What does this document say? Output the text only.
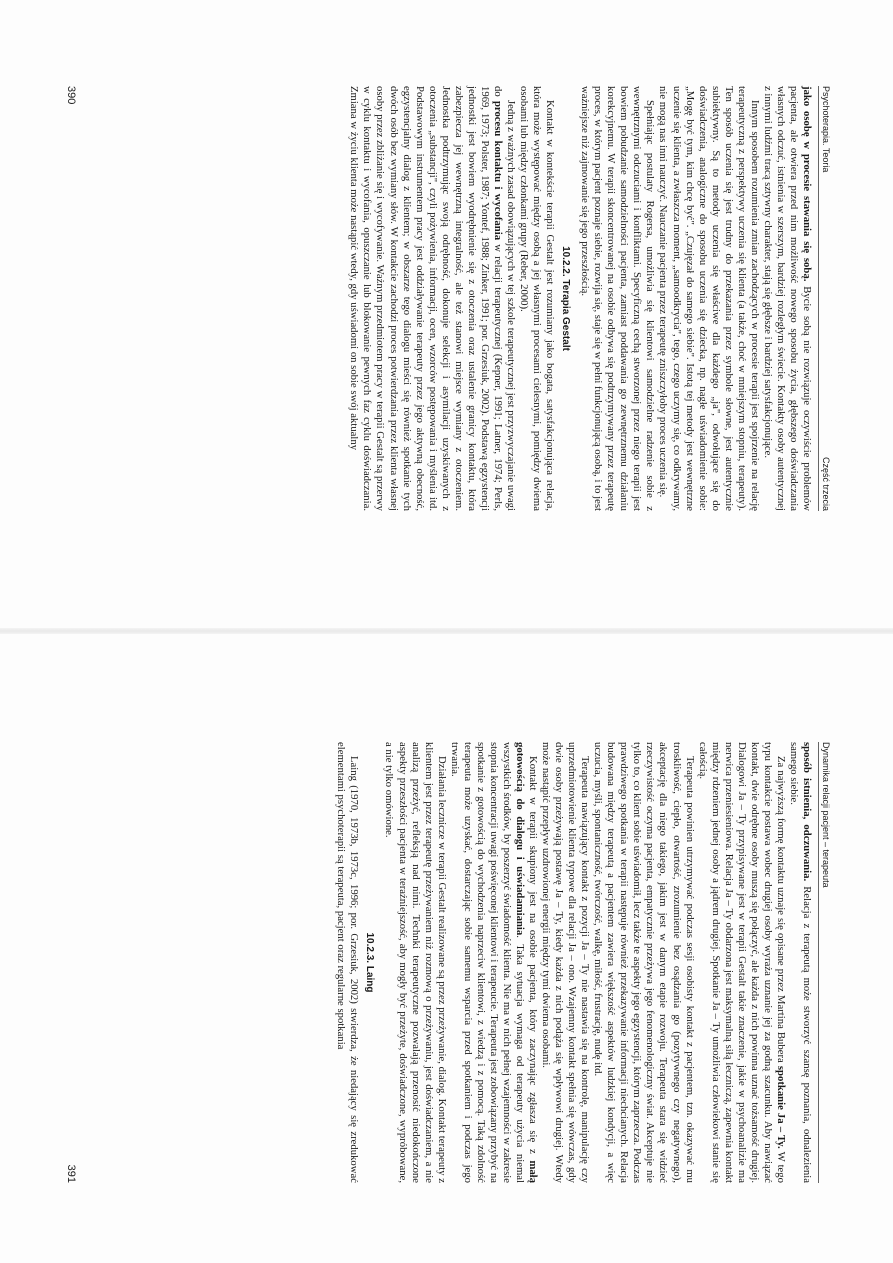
Psychoterapia. Teoria
Część trzecia

jako osobę w procesie stawania się sobą. Bycie sobą nie rozwiązuje oczywiście problemów pacjenta, ale otwiera przed nim możliwość nowego sposobu życia, głębszego doświadczania własnych odczuć, istnienia w szerszym, bardziej rozległym świecie. Kontakty osoby autentycznej z innymi ludźmi tracą sztywny charakter, stają się głębsze i bardziej satysfakcjonujące.

Innym sposobem rozumienia zmian zachodzących w procesie terapii jest spojrzenie na relację terapeutyczną z perspektywy uczenia się klienta (a także, choć w mniejszym stopniu, terapeuty). Ten sposób uczenia się jest trudny do przekazania przez symbole słowne, jest autentycznie subiektywny. Są to metody uczenia się właściwe dla każdego „ja", odwołujące się do doświadczenia, analogiczne do sposobu uczenia się dziecka, np. nagłe uświadomienie sobie: „Mogę być tym, kim chcę być". „Czujęzał do samego siebie". Istotą tej metody jest wewnętrzne uczenie się klienta, a zwłaszcza moment, „samoodkrycia", tego, czego uczymy się, co odkrywamy, nie mogą nas inni nauczyć. Nauczanie pacjenta przez terapeutę zniszczyłoby proces uczenia się.

Spełniając postulaty Rogersa, umożliwia się klientowi samodzielne radzenie sobie z wewnętrznymi odczuciami i konfliktami. Specyficzną cechą stworzonej przez niego terapii jest bowiem pobudzanie samodzielności pacjenta, zamiast poddawania go zewnętrznemu działaniu korekcyjnemu. W terapii skoncentrowanej na osobie odbywa się podtrzymywany przez terapeutę proces, w którym pacjent poznaje siebie, rozwija się, staje się w pełni funkcjonującą osobą, i to jest ważniejsze niż zajmowanie się jego przeszłością.

10.2.2. Terapia Gestalt

Kontakt w kontekście terapii Gestalt jest rozumiany jako bogata, satysfakcjonująca relacja, która może występować między osobą a jej własnymi procesami cielesnymi, pomiędzy dwiema osobami lub między członkami grupy (Reber, 2000).

Jedną z ważnych zasad obowiązujących w tej szkole terapeutycznej jest przyzwyczajanie uwagi do procesu kontaktu i wycofania w relacji terapeutycznej (Kepner, 1991; Latner, 1974; Perls, 1969, 1973; Polster, 1987; Yontef, 1988; Zinker, 1991; por. Grzesiuk, 2002). Podstawą egzystencji jednostki jest bowiem wyodrębnienie się z otoczenia oraz ustalenie granicy kontaktu, która zabezpiecza jej wewnętrzną integralność, ale też stanowi miejsce wymiany z otoczeniem. Jednostka podtrzymując swoją odrębność, dokonuje selekcji i asymilacji uzyskiwanych z otoczenia „substancji", czyli pożywienia, informacji, ocen, wzorców postępowania i myślenia itd. Podstawowym instrumentem pracy jest oddziaływanie terapeuty przez jego aktywną obecność, egzystencjalny dialog z klientem; w obszarze tego dialogu mieści się również spotkanie tych dwóch osób bez wymiany słów. W kontakcie zachodzi proces potwierdzania przez klienta własnej osoby przez zbliżanie się i wycofywanie. Ważnym przedmiotem pracy w terapii Gestalt są przerwy w cyklu kontaktu i wycofania, opuszczanie lub blokowanie pewnych faz cyklu doświadczania. Zmiana w życiu klienta może nastąpić wtedy, gdy uświadomi on sobie swój aktualny

390
Dynamika relacji pacjent – terapeuta

sposób istnienia, odczuwania. Relacja z terapeutą może stworzyć szansę poznania, odnalezienia samego siebie.

Za najwyższą formę kontaktu uznaje się opisane przez Martina Bubera spotkanie Ja – Ty. W tego typu kontakcie postawa wobec drugiej osoby wyraża uznanie jej za godną szacunku. Aby nawiązać kontakt, dwie odrębne osoby muszą się połączyć, ale każda z nich powinna uznać tożsamość drugiej. Dialogowi Ja – Ty przypisywane jest w terapii Gestalt takie znaczenie, jakie w psychoanalizie ma nerwica przeniesieniowa. Relacja Ja – Ty obdarzona jest maksymalną siłą leczniczą, zapewnia kontakt między rdzeniem jednej osoby a jądrem drugiej. Spotkanie Ja – Ty umożliwia człowiekowi stanie się całością.

Terapeuta powinien utrzymywać podczas sesji osobisty kontakt z pacjentem, tzn. okazywać mu troskliwość, ciepło, otwartość, zrozumienie bez osądzania go (pozytywnego czy negatywnego), akceptację dla niego takiego, jakim jest w danym etapie rozwoju. Terapeuta stara się widzieć rzeczywistość oczyma pacjenta, empatycznie przeżywa jego fenomenologiczny świat. Akceptuje nie tylko to, co klient sobie uświadomił, lecz także te aspekty jego egzystencji, którym zaprzecza. Podczas prawdziwego spotkania w terapii następuje również przekazywanie informacji niechcianych. Relacja budowana między terapeutą a pacjentem zawiera większość aspektów ludzkiej kondycji, a więc uczucia, myśli, spontaniczność, twórczość, walkę, miłość, frustrację, nudę itd.

Terapeuta nawiązujący kontakt z pozycji Ja – Ty nie nastawia się na kontrolę, manipulację czy uprzedmiotowienie klienta typowe dla relacji Ja – ono. Wzajemny kontakt spełnia się wówczas, gdy dwie osoby przeżywają postawę Ja – Ty, kiedy każda z nich podąża się wpływowi drugiej. Wtedy może nastąpić przepływ uzdrowionej energii między tymi dwiema osobami.

Kontakt w terapii skupiony jest na osobie pacjenta, który zaczynając zgłasza się z małą gotowością do dialogu i uświadamiania. Taka sytuacja wymaga od terapeuty użycia niemal wszystkich środków, by poszerzyć świadomość klienta. Nie ma w nich pełnej wzajemności w zakresie stopnia koncentracji uwagi poświęconej klientowi i terapeucie. Terapeuta jest zobowiązany przybyć na spotkanie z gotowością do wychodzenia naprzeciw klientowi, z wiedzą i z pomocą. Taką zdolność terapeuta może uzyskać, dostarczając sobie samemu wsparcia przed spotkaniem i podczas jego trwania.

Działania lecznicze w terapii Gestalt realizowane są przez przeżywanie, dialog. Kontakt terapeuty z klientem jest przez terapeutę przeżywaniem niż rozmową o przeżywaniu, jest doświadczaniem, a nie analizą przeżyć, refleksją nad nimi. Technki terapeutyczne pozwalają przenosić niedokończone aspekty przeszłości pacjenta w teraźniejszość, aby mogły być przeżyte, doświadczone, wypróbowane, a nie tylko omówione.

10.2.3. Laing

Laing (1970, 1973b, 1973c, 1996; por. Grzesiuk, 2002) stwierdza, że niedający się zredukować elementami psychoterapii są terapeuta, pacjent oraz regularne spotkania

391
